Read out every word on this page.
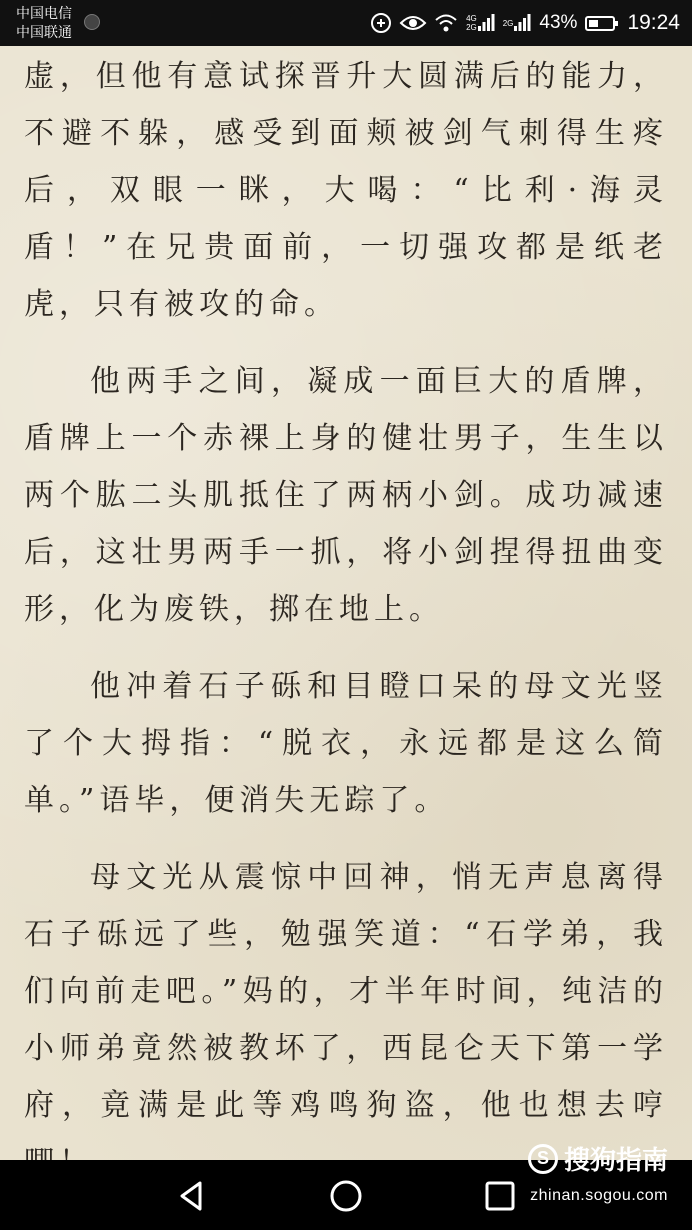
中国电信
中国联通
4G
2G	2G 43% 19:24

虚，但他有意试探晋升大圆满后的能力，不避不躲，感受到面颊被剑气刺得生疼后，双眼一眯，大喝：“比利·海灵盾！”在兄贵面前，一切强攻都是纸老虎，只有被攻的命。

他两手之间，凝成一面巨大的盾牌，盾牌上一个赤裸上身的健壮男子，生生以两个肱二头肌抵住了两柄小剑。成功减速后，这壮男两手一抓，将小剑捏得扭曲变形，化为废铁，掷在地上。

他冲着石子砾和目瞪口呆的母文光竖了个大拇指：“脱衣，永远都是这么简单。”语毕，便消失无踪了。

母文光从震惊中回神，悄无声息离得石子砾远了些，勉强笑道：“石学弟，我们向前走吧。”妈的，才半年时间，纯洁的小师弟竟然被教坏了，西昆仑天下第一学府，竟满是此等鸡鸣狗盗，他也想去哼

S 搜狗指南
zhinan.sogou.com
